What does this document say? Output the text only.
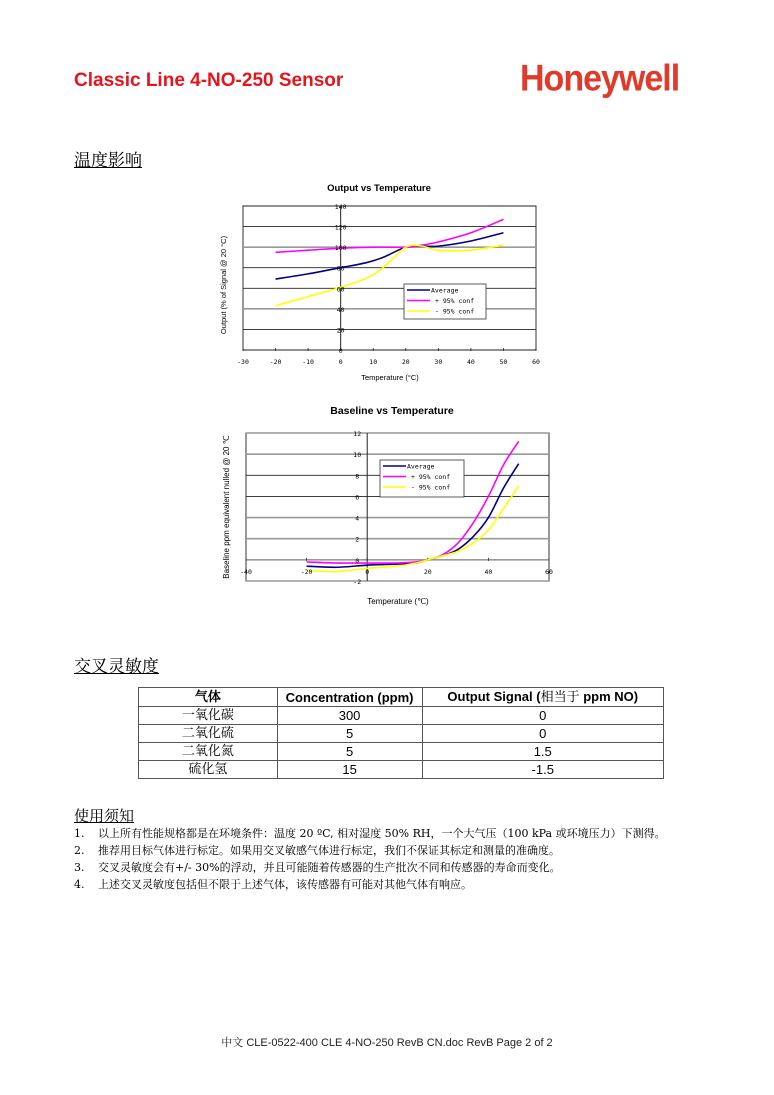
Classic Line 4-NO-250 Sensor	Honeywell
温度影响
Output vs Temperature
0
20
40
60
80
100
120
140
-30	-20	-10	0	10	20	30	40	50	60
Temperature (°C)
Output (% of Signal @ 20 °C)	Average
+ 95% conf
- 95% conf
Baseline vs Temperature
-2
0
2
4
6
8
10
12
-40	-20	0	20	40	60
Temperature (℃)
Baseline ppm equivalent nulled @ 20 ℃	Average
+ 95% conf
- 95% conf
交叉灵敏度
气体	Concentration (ppm)	Output Signal (相当于 ppm NO)
一氧化碳	300	0
二氧化硫	5	0
二氧化氮	5	1.5
硫化氢	15	-1.5
使用须知
1. 以上所有性能规格都是在环境条件：温度 20 ºC, 相对湿度 50% RH，一个大气压（100 kPa 或环境压力）下测得。
2. 推荐用目标气体进行标定。如果用交叉敏感气体进行标定，我们不保证其标定和测量的准确度。
3. 交叉灵敏度会有+/- 30%的浮动，并且可能随着传感器的生产批次不同和传感器的寿命而变化。
4. 上述交叉灵敏度包括但不限于上述气体，该传感器有可能对其他气体有响应。
中文 CLE-0522-400 CLE 4-NO-250 RevB CN.doc RevB Page 2 of 2
